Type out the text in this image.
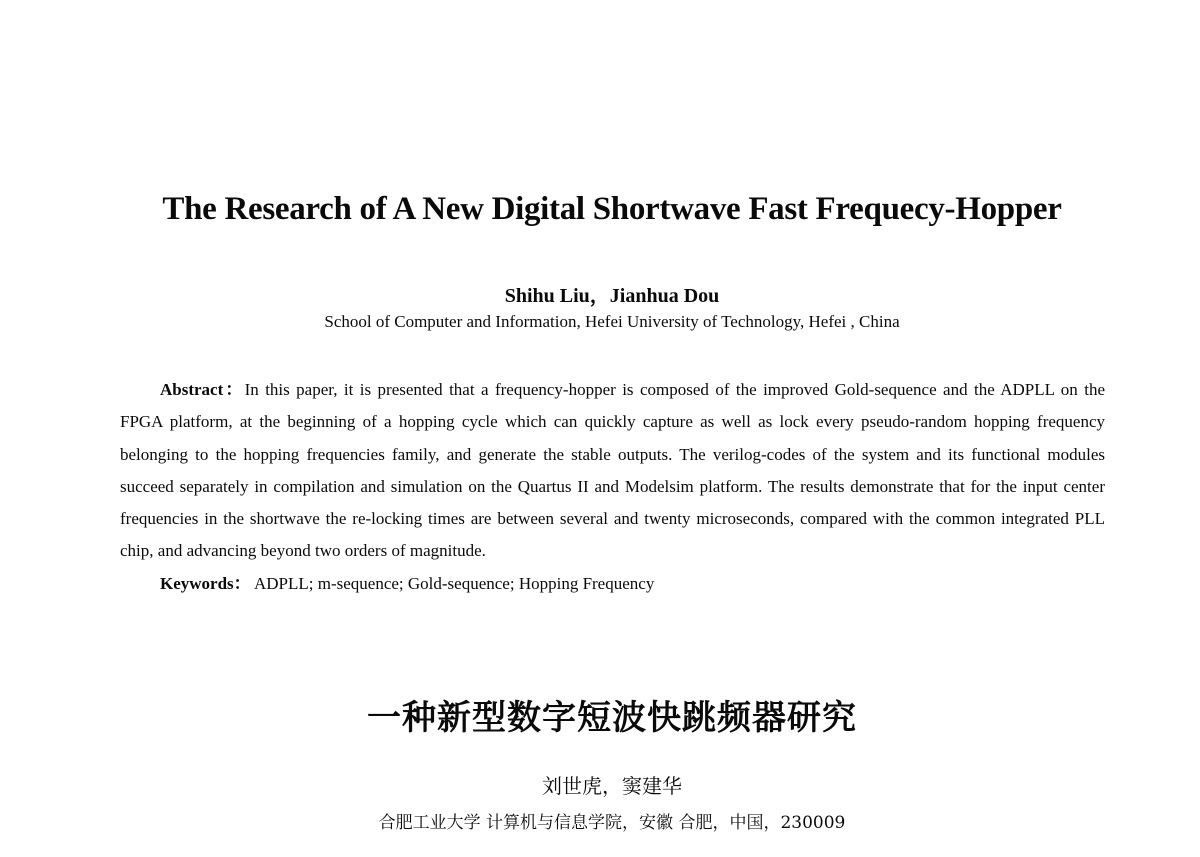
The Research of A New Digital Shortwave Fast Frequecy-Hopper
Shihu Liu，Jianhua Dou
School of Computer and Information, Hefei University of Technology, Hefei , China

Abstract：In this paper, it is presented that a frequency-hopper is composed of the improved Gold-sequence and the ADPLL on the FPGA platform, at the beginning of a hopping cycle which can quickly capture as well as lock every pseudo-random hopping frequency belonging to the hopping frequencies family, and generate the stable outputs. The verilog-codes of the system and its functional modules succeed separately in compilation and simulation on the Quartus II and Modelsim platform. The results demonstrate that for the input center frequencies in the shortwave the re-locking times are between several and twenty microseconds, compared with the common integrated PLL chip, and advancing beyond two orders of magnitude.

Keywords： ADPLL; m-sequence; Gold-sequence; Hopping Frequency

一种新型数字短波快跳频器研究
刘世虎，窦建华
合肥工业大学 计算机与信息学院，安徽 合肥，中国，230009
